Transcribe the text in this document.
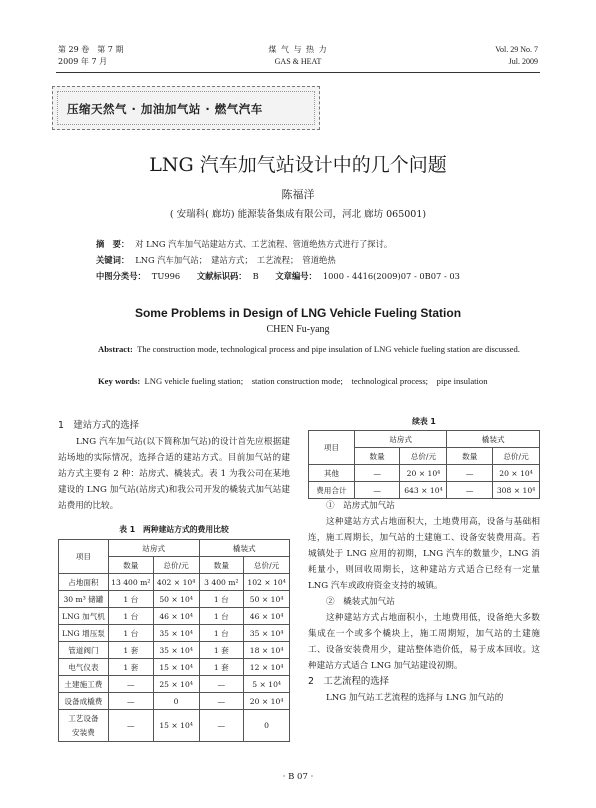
第 29 卷　第 7 期
2009 年 7 月
煤 气 与 热 力
GAS & HEAT
Vol. 29 No. 7
Jul. 2009
压缩天然气 · 加油加气站 · 燃气汽车
LNG 汽车加气站设计中的几个问题
陈福洋
( 安瑞科( 廊坊) 能源装备集成有限公司，河北 廊坊 065001)
摘　要： 对 LNG 汽车加气站建站方式、工艺流程、管道绝热方式进行了探讨。
关键词： LNG 汽车加气站；　建站方式；　工艺流程；　管道绝热
中图分类号： TU996 文献标识码： B 文章编号： 1000 - 4416(2009)07 - 0B07 - 03
Some Problems in Design of LNG Vehicle Fueling Station
CHEN Fu-yang
Abstract: The construction mode, technological process and pipe insulation of LNG vehicle fueling station are discussed.
Key words: LNG vehicle fueling station;　station construction mode;　technological process;　pipe insulation
1　建站方式的选择
LNG 汽车加气站(以下简称加气站)的设计首先应根据建站场地的实际情况，选择合适的建站方式。目前加气站的建站方式主要有 2 种：站房式、橇装式。表 1 为我公司在某地建设的 LNG 加气站(站房式)和我公司开发的橇装式加气站建站费用的比较。
表 1　两种建站方式的费用比较
项目	站房式		橇装式	
	数量	总价/元	数量	总价/元
占地面积	13 400 m²	402 × 10⁴	3 400 m²	102 × 10⁴
30 m³ 储罐	1 台	50 × 10⁴	1 台	50 × 10⁴
LNG 加气机	1 台	46 × 10⁴	1 台	46 × 10⁴
LNG 增压泵	1 台	35 × 10⁴	1 台	35 × 10⁴
管道阀门	1 套	35 × 10⁴	1 套	18 × 10⁴
电气仪表	1 套	15 × 10⁴	1 套	12 × 10⁴
土建施工费	—	25 × 10⁴	—	5 × 10⁴
设备成橇费	—	0	—	20 × 10⁴
工艺设备安装费	—	15 × 10⁴	—	0
续表 1
项目	站房式		橇装式	
	数量	总价/元	数量	总价/元
其他	—	20 × 10⁴	—	20 × 10⁴
费用合计	—	643 × 10⁴	—	308 × 10⁴
①　站房式加气站
这种建站方式占地面积大，土地费用高，设备与基础相连，施工周期长，加气站的土建施工、设备安装费用高。若城镇处于 LNG 应用的初期，LNG 汽车的数量少，LNG 消耗量小，则回收周期长，这种建站方式适合已经有一定量 LNG 汽车或政府资金支持的城镇。
②　橇装式加气站
这种建站方式占地面积小，土地费用低，设备绝大多数集成在一个或多个橇块上，施工周期短，加气站的土建施工、设备安装费用少，建站整体造价低，易于成本回收。这种建站方式适合 LNG 加气站建设初期。
2　工艺流程的选择
LNG 加气站工艺流程的选择与 LNG 加气站的
· B 07 ·
